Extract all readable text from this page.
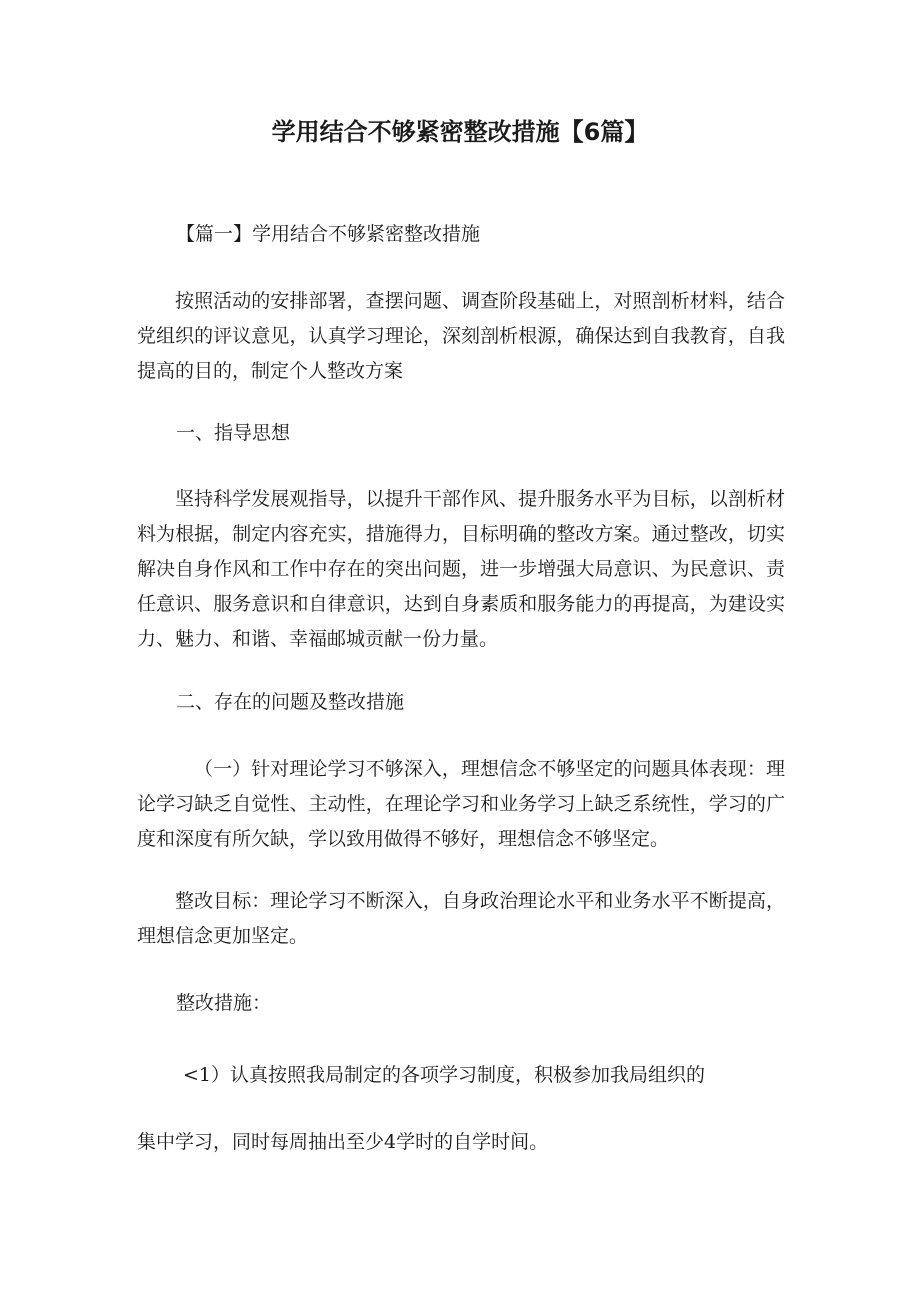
学用结合不够紧密整改措施【6篇】

【篇一】学用结合不够紧密整改措施

按照活动的安排部署，查摆问题、调查阶段基础上，对照剖析材料，结合党组织的评议意见，认真学习理论，深刻剖析根源，确保达到自我教育，自我提高的目的，制定个人整改方案

一、指导思想

坚持科学发展观指导，以提升干部作风、提升服务水平为目标，以剖析材料为根据，制定内容充实，措施得力，目标明确的整改方案。通过整改，切实解决自身作风和工作中存在的突出问题，进一步增强大局意识、为民意识、责任意识、服务意识和自律意识，达到自身素质和服务能力的再提高，为建设实力、魅力、和谐、幸福邮城贡献一份力量。

二、存在的问题及整改措施

（一）针对理论学习不够深入，理想信念不够坚定的问题具体表现：理论学习缺乏自觉性、主动性，在理论学习和业务学习上缺乏系统性，学习的广度和深度有所欠缺，学以致用做得不够好，理想信念不够坚定。

整改目标：理论学习不断深入，自身政治理论水平和业务水平不断提高，理想信念更加坚定。

整改措施：

<1）认真按照我局制定的各项学习制度，积极参加我局组织的

集中学习，同时每周抽出至少4学时的自学时间。
